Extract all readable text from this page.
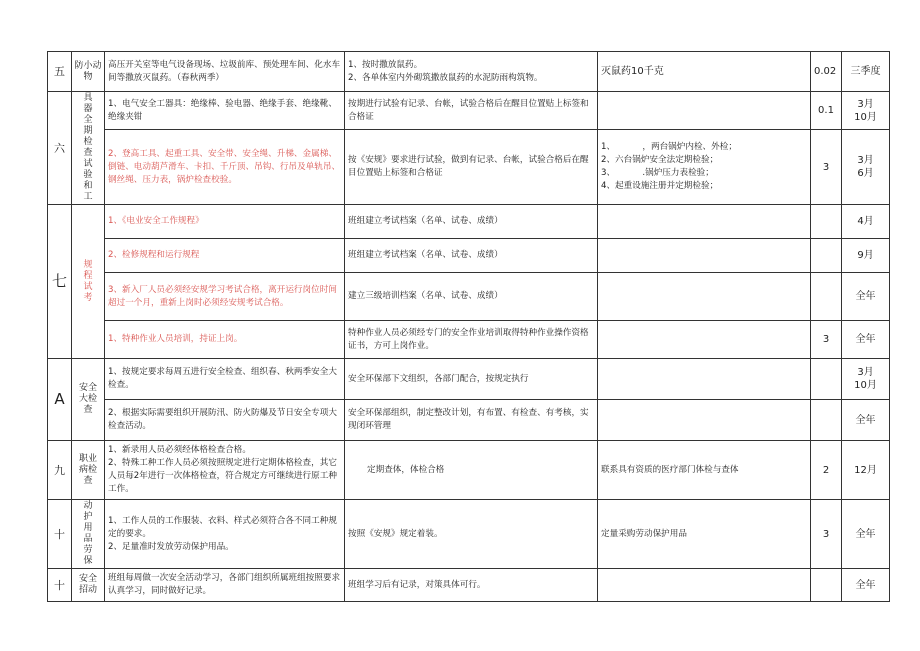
五	防小动物	高压开关室等电气设备现场、垃圾前库、预处理车间、化水车间等撒放灭鼠药。（春秋两季）	1、按时撒放鼠药。
2、各单体室内外砌筑撒放鼠药的水泥防雨构筑物。	灭鼠药10千克	0.02	三季度
六	具器全期检查试验和工	1、电气安全工器具：绝缘棒、验电器、绝缘手套、绝缘靴、绝缘夹钳	按期进行试验有记录、台帐，试验合格后在醒目位置贴上标签和合格证		0.1	3月
10月
		2、登高工具、起重工具、安全带、安全绳、升梯、金属梯、倒链、电动葫芦滑车、卡扣、千斤顶、吊钩、行吊及单轨吊、钢丝绳、压力表，锅炉检查校验。	按《安规》要求进行试验，做到有记录、台帐，试验合格后在醒目位置贴上标签和合格证	1、          ，两台锅炉内检、外检；
2、六台锅炉安全法定期检验；
3、          .锅炉压力表检验；
4、起重设施注册并定期检验；	3	3月
6月
七	规程试考	1、《电业安全工作规程》	班组建立考试档案（名单、试卷、成绩）			4月
		2、检修规程和运行规程	班组建立考试档案（名单、试卷、成绩）			9月
		3、新入厂人员必须经安规学习考试合格，离开运行岗位时间超过一个月，重新上岗时必须经安规考试合格。	建立三级培训档案（名单、试卷、成绩）			全年
		1、特种作业人员培训，持证上岗。	特种作业人员必须经专门的安全作业培训取得特种作业操作资格证书，方可上岗作业。		3	全年
A	安全大检查	1、按规定要求每周五进行安全检查、组织春、秋两季安全大检查。	安全环保部下文组织，各部门配合，按规定执行			3月
10月
		2、根据实际需要组织开展防汛、防火防爆及节日安全专项大检查活动。	安全环保部组织，制定整改计划，有布置、有检查、有考核，实现闭环管理			全年
九	职业病检查	1、新录用人员必须经体格检查合格。
2、特殊工种工作人员必须按照规定进行定期体格检查，其它人员每2年进行一次体格检查，符合规定方可继续进行原工种工作。	定期查体，体检合格	联系具有资质的医疗部门体检与查体	2	12月
十	动护用品劳保	1、工作人员的工作服装、衣料、样式必须符合各不同工种规定的要求。
2、足量准时发放劳动保护用品。	按照《安规》规定着装。	定量采购劳动保护用品	3	全年
十	安全招动	班组每周做一次安全活动学习，各部门组织所属班组按照要求认真学习，同时做好记录。	班组学习后有记录，对策具体可行。			全年
